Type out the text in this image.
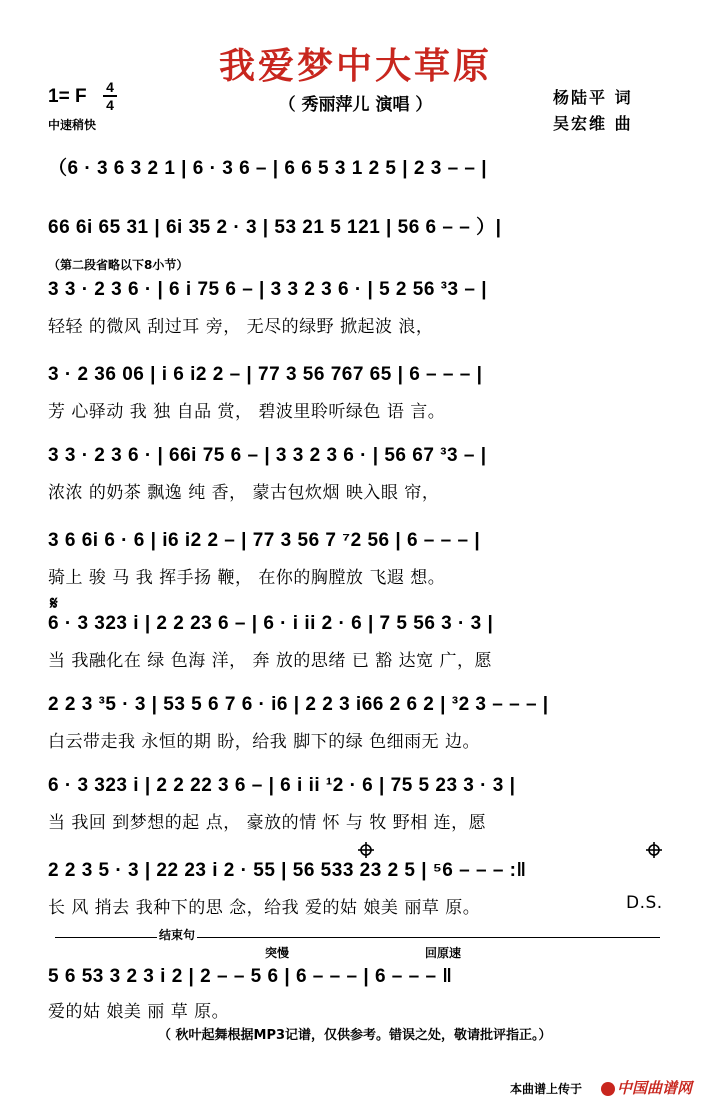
我爱梦中大草原
（ 秀丽萍儿 演唱 ）
1= F 4
4
中速稍快
杨陆平 词
吴宏维 曲
（6 · 3 6 3 2 1 | 6 · 3 6 – | 6 6 5 3 1 2 5 | 2 3 – – |
66 6i 65 31 | 6i 35 2 · 3 | 53 21 5 121 | 56 6 – – ）|
（第二段省略以下8小节）
3 3 · 2 3 6 · | 6 i 75 6 – | 3 3 2 3 6 · | 5 2 56 ³3 – |
轻轻 的微风 刮过耳 旁， 无尽的绿野 掀起波 浪，
3 · 2 36 06 | i 6 i2 2 – | 77 3 56 767 65 | 6 – – – |
芳 心驿动 我 独 自品 赏， 碧波里聆听绿色 语 言。
3 3 · 2 3 6 · | 66i 75 6 – | 3 3 2 3 6 · | 56 67 ³3 – |
浓浓 的奶茶 飘逸 纯 香， 蒙古包炊烟 映入眼 帘，
3 6 6i 6 · 6 | i6 i2 2 – | 77 3 56 7 ⁷2 56 | 6 – – – |
骑上 骏 马 我 挥手扬 鞭， 在你的胸膛放 飞遐 想。
𝄋
6 · 3 323 i | 2 2 23 6 – | 6 · i ii 2 · 6 | 7 5 56 3 · 3 |
当 我融化在 绿 色海 洋， 奔 放的思绪 已 豁 达宽 广，愿
2 2 3 ³5 · 3 | 53 5 6 7 6 · i6 | 2 2 3 i66 2 6 2 | ³2 3 – – – |
白云带走我 永恒的期 盼，给我 脚下的绿 色细雨无 边。
6 · 3 323 i | 2 2 22 3 6 – | 6 i ii ¹2 · 6 | 75 5 23 3 · 3 |
当 我回 到梦想的起 点， 豪放的情 怀 与 牧 野相 连，愿
2 2 3 5 · 3 | 22 23 i 2 · 55 | 56 533 23 2 5 | ⁵6 – – – :‖
长 风 捎去 我种下的思 念，给我 爱的姑 娘美 丽草 原。	D.S.
结束句
突慢	回原速
5 6 53 3 2 3 i 2 | 2 – – 5 6 | 6 – – – | 6 – – – ‖
爱的姑 娘美 丽 草 原。
（ 秋叶起舞根据MP3记谱，仅供参考。错误之处，敬请批评指正。）
本曲谱上传于	中国曲谱网
